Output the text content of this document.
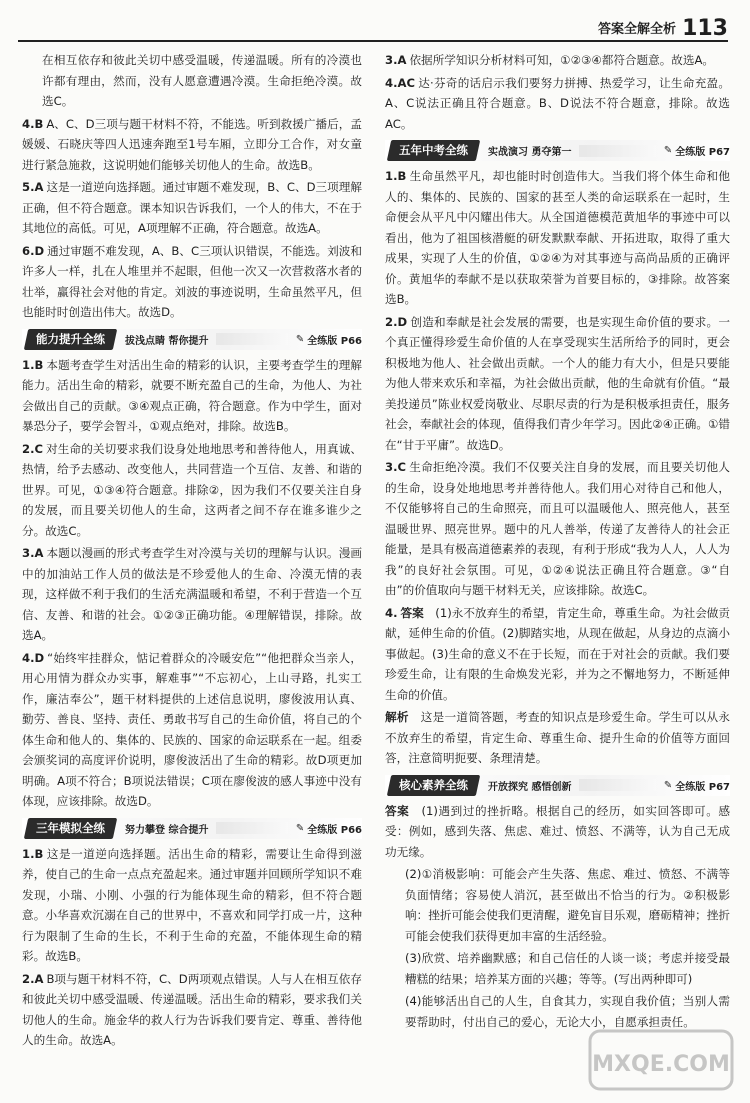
答案全解全析 113

在相互依存和彼此关切中感受温暖，传递温暖。所有的冷漠也许都有理由，然而，没有人愿意遭遇冷漠。生命拒绝冷漠。故选C。

4.B A、C、D三项与题干材料不符，不能选。听到救援广播后，孟媛媛、石晓庆等四人迅速奔跑至1号车厢，立即分工合作，对女童进行紧急施救，这说明她们能够关切他人的生命。故选B。

5.A 这是一道逆向选择题。通过审题不难发现，B、C、D三项理解正确，但不符合题意。课本知识告诉我们，一个人的伟大，不在于其地位的高低。可见，A项理解不正确，符合题意。故选A。

6.D 通过审题不难发现，A、B、C三项认识错误，不能选。刘波和许多人一样，扎在人堆里并不起眼，但他一次又一次营救落水者的壮举，赢得社会对他的肯定。刘波的事迹说明，生命虽然平凡，但也能时时创造出伟大。故选D。

能力提升全练	拔浅点睛 帮你提升	✎ 全练版 P66

1.B 本题考查学生对活出生命的精彩的认识，主要考查学生的理解能力。活出生命的精彩，就要不断充盈自己的生命，为他人、为社会做出自己的贡献。③④观点正确，符合题意。作为中学生，面对暴恐分子，要学会智斗，①观点绝对，排除。故选B。

2.C 对生命的关切要求我们设身处地地思考和善待他人，用真诚、热情，给予去感动、改变他人，共同营造一个互信、友善、和谐的世界。可见，①③④符合题意。排除②，因为我们不仅要关注自身的发展，而且要关切他人的生命，这两者之间不存在谁多谁少之分。故选C。

3.A 本题以漫画的形式考查学生对冷漠与关切的理解与认识。漫画中的加油站工作人员的做法是不珍爱他人的生命、冷漠无情的表现，这样做不利于我们的生活充满温暖和希望，不利于营造一个互信、友善、和谐的社会。①②③正确功能。④理解错误，排除。故选A。

4.D “始终牢挂群众，惦记着群众的冷暖安危”“他把群众当亲人，用心用情为群众办实事，解难事”“不忘初心，上山寻路，扎实工作，廉洁奉公”，题干材料提供的上述信息说明，廖俊波用认真、勤劳、善良、坚持、责任、勇敢书写自己的生命价值，将自己的个体生命和他人的、集体的、民族的、国家的命运联系在一起。组委会颁奖词的高度评价说明，廖俊波活出了生命的精彩。故D项更加明确。A项不符合；B项说法错误；C项在廖俊波的感人事迹中没有体现，应该排除。故选D。

三年模拟全练	努力攀登 综合提升	✎ 全练版 P66

1.B 这是一道逆向选择题。活出生命的精彩，需要让生命得到滋养，使自己的生命一点点充盈起来。通过审题并回顾所学知识不难发现，小瑞、小刚、小强的行为能体现生命的精彩，但不符合题意。小华喜欢沉溺在自己的世界中，不喜欢和同学打成一片，这种行为限制了生命的生长，不利于生命的充盈，不能体现生命的精彩。故选B。

2.A B项与题干材料不符，C、D两项观点错误。人与人在相互依存和彼此关切中感受温暖、传递温暖。活出生命的精彩，要求我们关切他人的生命。施金华的救人行为告诉我们要肯定、尊重、善待他人的生命。故选A。

3.A 依据所学知识分析材料可知，①②③④都符合题意。故选A。

4.AC 达·芬奇的话启示我们要努力拼搏、热爱学习，让生命充盈。A、C说法正确且符合题意。B、D说法不符合题意，排除。故选AC。

五年中考全练	实战演习 勇夺第一	✎ 全练版 P67

1.B 生命虽然平凡，却也能时时创造伟大。当我们将个体生命和他人的、集体的、民族的、国家的甚至人类的命运联系在一起时，生命便会从平凡中闪耀出伟大。从全国道德模范黄旭华的事迹中可以看出，他为了祖国核潜艇的研发默默奉献、开拓进取，取得了重大成果，实现了人生的价值，①②④为对其事迹与高尚品质的正确评价。黄旭华的奉献不是以获取荣誉为首要目标的，③排除。故答案选B。

2.D 创造和奉献是社会发展的需要，也是实现生命价值的要求。一个真正懂得珍爱生命价值的人在享受现实生活所给予的同时，更会积极地为他人、社会做出贡献。一个人的能力有大小，但是只要能为他人带来欢乐和幸福，为社会做出贡献，他的生命就有价值。“最美投递员”陈业权爱岗敬业、尽职尽责的行为是积极承担责任，服务社会，奉献社会的体现，值得我们青少年学习。因此②④正确。①错在“甘于平庸”。故选D。

3.C 生命拒绝冷漠。我们不仅要关注自身的发展，而且要关切他人的生命，设身处地地思考并善待他人。我们用心对待自己和他人，不仅能够将自己的生命照亮，而且可以温暖他人、照亮他人，甚至温暖世界、照亮世界。题中的凡人善举，传递了友善待人的社会正能量，是具有极高道德素养的表现，有利于形成“我为人人，人人为我”的良好社会氛围。可见，①②④说法正确且符合题意。③“自由”的价值取向与题干材料无关，应该排除。故选C。

4. 答案　 (1)永不放弃生的希望，肯定生命，尊重生命。为社会做贡献，延伸生命的价值。(2)脚踏实地，从现在做起，从身边的点滴小事做起。(3)生命的意义不在于长短，而在于对社会的贡献。我们要珍爱生命，让有限的生命焕发光彩，并为之不懈地努力，不断延伸生命的价值。

解析　 这是一道简答题，考查的知识点是珍爱生命。学生可以从永不放弃生的希望，肯定生命、尊重生命、提升生命的价值等方面回答，注意简明扼要、条理清楚。

核心素养全练	开放探究 感悟创新	✎ 全练版 P67

答案　 (1)遇到过的挫折略。根据自己的经历，如实回答即可。感受：例如，感到失落、焦虑、难过、愤怒、不满等，认为自己无成功无缘。

(2)①消极影响：可能会产生失落、焦虑、难过、愤怒、不满等负面情绪；容易使人消沉，甚至做出不恰当的行为。②积极影响：挫折可能会使我们更清醒，避免盲目乐观，磨砺精神；挫折可能会使我们获得更加丰富的生活经验。

(3)欣赏、培养幽默感；和自己信任的人谈一谈；考虑并接受最糟糕的结果；培养某方面的兴趣；等等。(写出两种即可)

(4)能够活出自己的人生，自食其力，实现自我价值；当别人需要帮助时，付出自己的爱心，无论大小，自愿承担责任。

MXQE.COM
